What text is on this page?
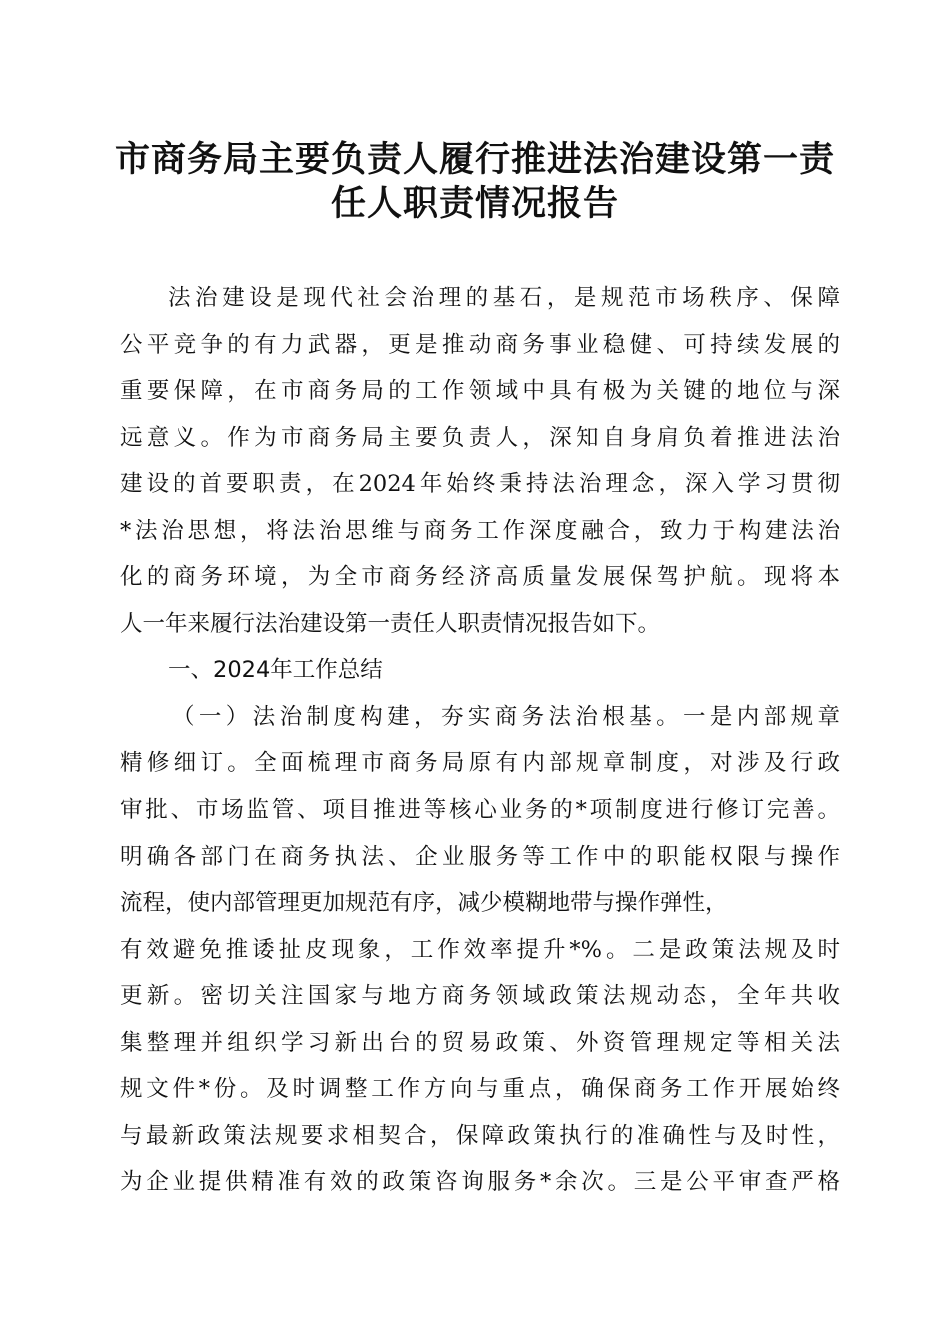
市商务局主要负责人履行推进法治建设第一责
任人职责情况报告
法治建设是现代社会治理的基石，是规范市场秩序、保障
公平竞争的有力武器，更是推动商务事业稳健、可持续发展的
重要保障，在市商务局的工作领域中具有极为关键的地位与深
远意义。作为市商务局主要负责人，深知自身肩负着推进法治
建设的首要职责，在2024年始终秉持法治理念，深入学习贯彻
*法治思想，将法治思维与商务工作深度融合，致力于构建法治
化的商务环境，为全市商务经济高质量发展保驾护航。现将本
人一年来履行法治建设第一责任人职责情况报告如下。
一、2024年工作总结
（一）法治制度构建，夯实商务法治根基。一是内部规章
精修细订。全面梳理市商务局原有内部规章制度，对涉及行政
审批、市场监管、项目推进等核心业务的*项制度进行修订完善。
明确各部门在商务执法、企业服务等工作中的职能权限与操作
流程，使内部管理更加规范有序，减少模糊地带与操作弹性，
有效避免推诿扯皮现象，工作效率提升*%。二是政策法规及时
更新。密切关注国家与地方商务领域政策法规动态，全年共收
集整理并组织学习新出台的贸易政策、外资管理规定等相关法
规文件*份。及时调整工作方向与重点，确保商务工作开展始终
与最新政策法规要求相契合，保障政策执行的准确性与及时性，
为企业提供精准有效的政策咨询服务*余次。三是公平审查严格
